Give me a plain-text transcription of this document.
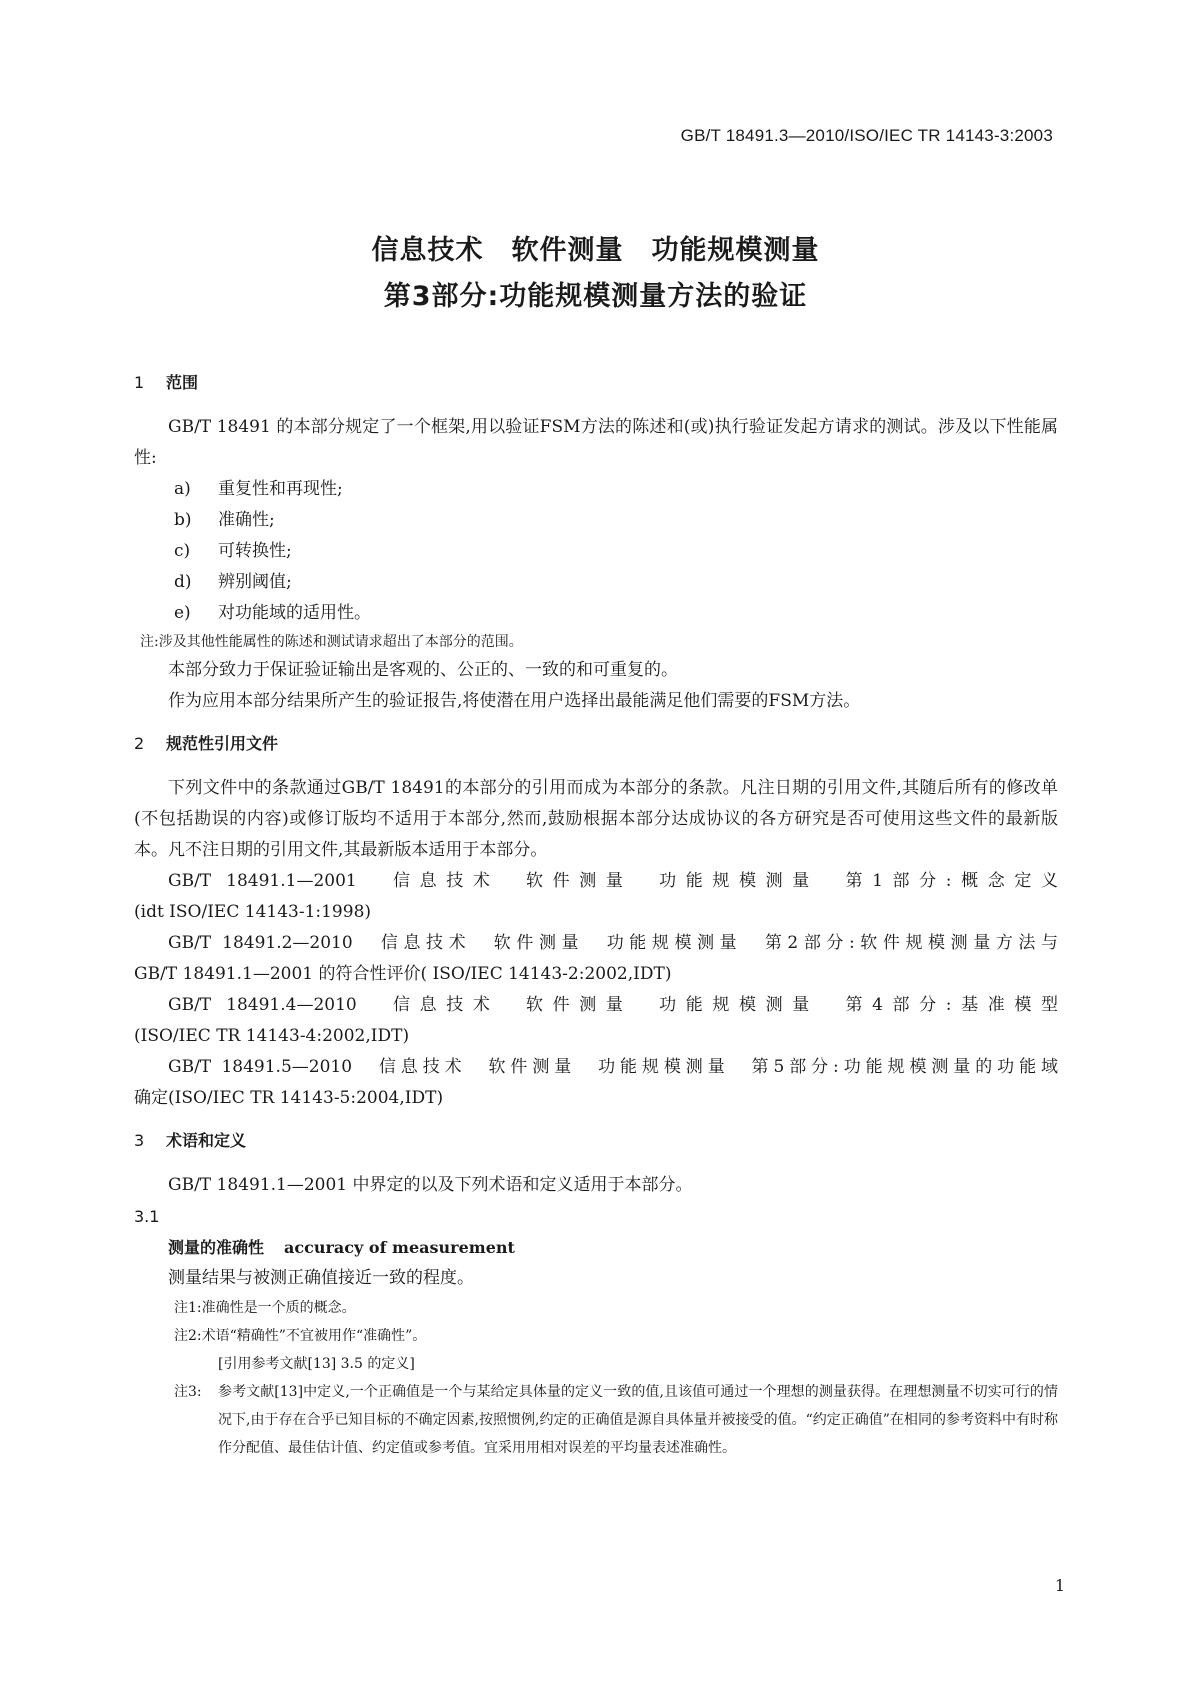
GB/T 18491.3—2010/ISO/IEC TR 14143-3:2003
信息技术　软件测量　功能规模测量
第3部分:功能规模测量方法的验证

1 范围

GB/T 18491 的本部分规定了一个框架,用以验证FSM方法的陈述和(或)执行验证发起方请求的测试。涉及以下性能属性:

a)	重复性和再现性;
b)	准确性;
c)	可转换性;
d)	辨别阈值;
e)	对功能域的适用性。

注:涉及其他性能属性的陈述和测试请求超出了本部分的范围。

本部分致力于保证验证输出是客观的、公正的、一致的和可重复的。

作为应用本部分结果所产生的验证报告,将使潜在用户选择出最能满足他们需要的FSM方法。

2 规范性引用文件

下列文件中的条款通过GB/T 18491的本部分的引用而成为本部分的条款。凡注日期的引用文件,其随后所有的修改单(不包括勘误的内容)或修订版均不适用于本部分,然而,鼓励根据本部分达成协议的各方研究是否可使用这些文件的最新版本。凡不注日期的引用文件,其最新版本适用于本部分。

GB/T 18491.1—2001　信息技术　软件测量　功能规模测量　第1部分:概念定义
(idt ISO/IEC 14143-1:1998)
GB/T 18491.2—2010　信息技术　软件测量　功能规模测量　第2部分:软件规模测量方法与
GB/T 18491.1—2001 的符合性评价( ISO/IEC 14143-2:2002,IDT)
GB/T 18491.4—2010　信息技术　软件测量　功能规模测量　第4部分:基准模型
(ISO/IEC TR 14143-4:2002,IDT)
GB/T 18491.5—2010　信息技术　软件测量　功能规模测量　第5部分:功能规模测量的功能域
确定(ISO/IEC TR 14143-5:2004,IDT)

3 术语和定义

GB/T 18491.1—2001 中界定的以及下列术语和定义适用于本部分。

3.1

测量的准确性 accuracy of measurement

测量结果与被测正确值接近一致的程度。

注1:准确性是一个质的概念。
注2:术语“精确性”不宜被用作“准确性”。
[引用参考文献[13] 3.5 的定义]
注3:	参考文献[13]中定义,一个正确值是一个与某给定具体量的定义一致的值,且该值可通过一个理想的测量获得。在理想测量不切实可行的情况下,由于存在合乎已知目标的不确定因素,按照惯例,约定的正确值是源自具体量并被接受的值。“约定正确值”在相同的参考资料中有时称作分配值、最佳估计值、约定值或参考值。宜采用用相对误差的平均量表述准确性。
1
